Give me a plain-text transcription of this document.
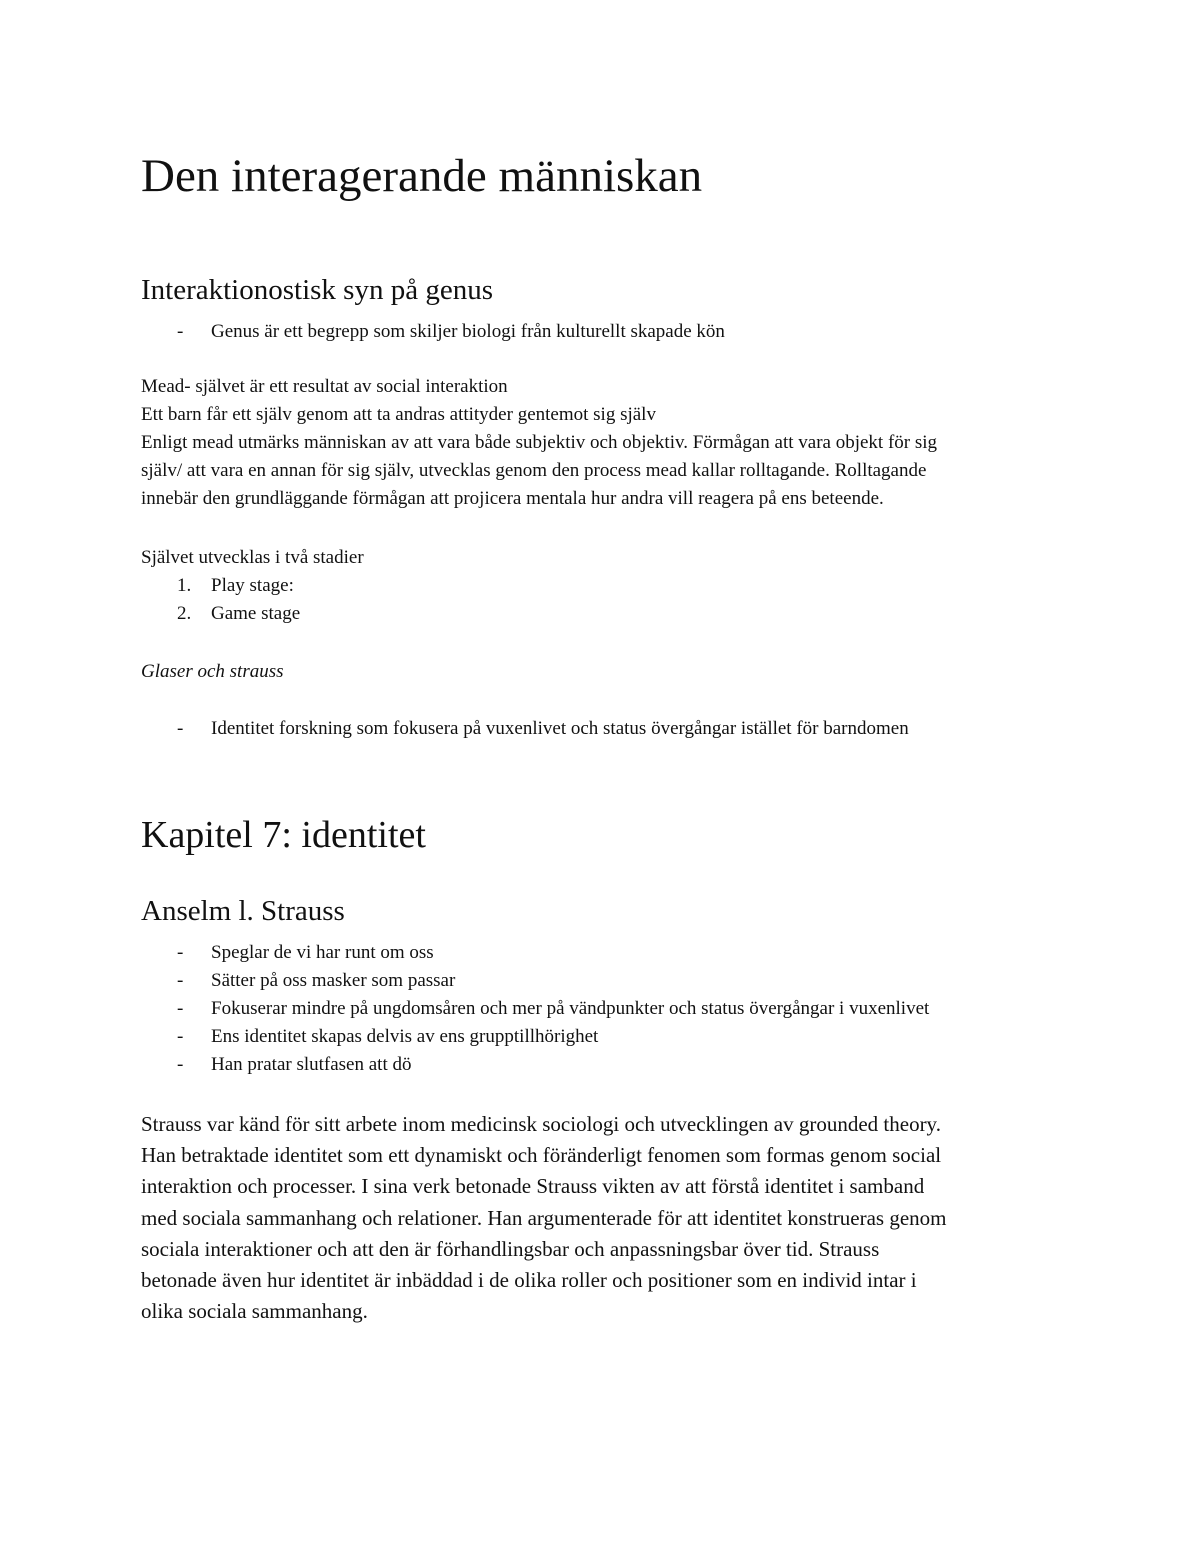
Den interagerande människan
Interaktionostisk syn på genus
- Genus är ett begrepp som skiljer biologi från kulturellt skapade kön
Mead- självet är ett resultat av social interaktion
Ett barn får ett själv genom att ta andras attityder gentemot sig själv
Enligt mead utmärks människan av att vara både subjektiv och objektiv. Förmågan att vara objekt för sig
själv/ att vara en annan för sig själv, utvecklas genom den process mead kallar rolltagande. Rolltagande
innebär den grundläggande förmågan att projicera mentala hur andra vill reagera på ens beteende.

Självet utvecklas i två stadier

1. Play stage:
2. Game stage

Glaser och strauss

- Identitet forskning som fokusera på vuxenlivet och status övergångar istället för barndomen
Kapitel 7: identitet
Anselm l. Strauss
- Speglar de vi har runt om oss
- Sätter på oss masker som passar
- Fokuserar mindre på ungdomsåren och mer på vändpunkter och status övergångar i vuxenlivet
- Ens identitet skapas delvis av ens grupptillhörighet
- Han pratar slutfasen att dö
Strauss var känd för sitt arbete inom medicinsk sociologi och utvecklingen av grounded theory.
Han betraktade identitet som ett dynamiskt och föränderligt fenomen som formas genom social
interaktion och processer. I sina verk betonade Strauss vikten av att förstå identitet i samband
med sociala sammanhang och relationer. Han argumenterade för att identitet konstrueras genom
sociala interaktioner och att den är förhandlingsbar och anpassningsbar över tid. Strauss
betonade även hur identitet är inbäddad i de olika roller och positioner som en individ intar i
olika sociala sammanhang.
